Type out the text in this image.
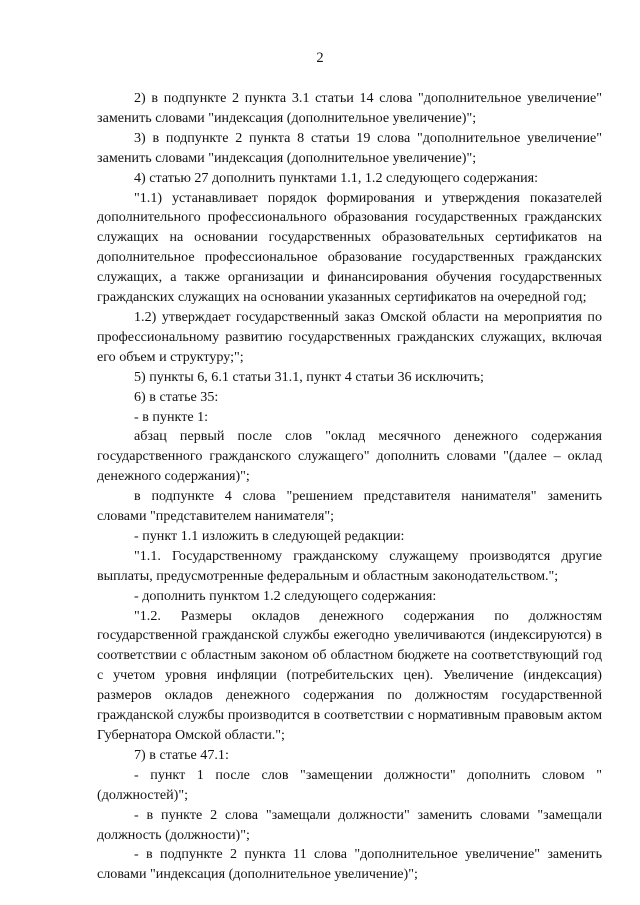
2

2) в подпункте 2 пункта 3.1 статьи 14 слова "дополнительное увеличение" заменить словами "индексация (дополнительное увеличение)";

3) в подпункте 2 пункта 8 статьи 19 слова "дополнительное увеличение" заменить словами "индексация (дополнительное увеличение)";

4) статью 27 дополнить пунктами 1.1, 1.2 следующего содержания:

"1.1) устанавливает порядок формирования и утверждения показателей дополнительного профессионального образования государственных гражданских служащих на основании государственных образовательных сертификатов на дополнительное профессиональное образование государственных гражданских служащих, а также организации и финансирования обучения государственных гражданских служащих на основании указанных сертификатов на очередной год;

1.2) утверждает государственный заказ Омской области на мероприятия по профессиональному развитию государственных гражданских служащих, включая его объем и структуру;";

5) пункты 6, 6.1 статьи 31.1, пункт 4 статьи 36 исключить;

6) в статье 35:

- в пункте 1:

абзац первый после слов "оклад месячного денежного содержания государственного гражданского служащего" дополнить словами "(далее – оклад денежного содержания)";

в подпункте 4 слова "решением представителя нанимателя" заменить словами "представителем нанимателя";

- пункт 1.1 изложить в следующей редакции:

"1.1. Государственному гражданскому служащему производятся другие выплаты, предусмотренные федеральным и областным законодательством.";

- дополнить пунктом 1.2 следующего содержания:

"1.2. Размеры окладов денежного содержания по должностям государственной гражданской службы ежегодно увеличиваются (индексируются) в соответствии с областным законом об областном бюджете на соответствующий год с учетом уровня инфляции (потребительских цен). Увеличение (индексация) размеров окладов денежного содержания по должностям государственной гражданской службы производится в соответствии с нормативным правовым актом Губернатора Омской области.";

7) в статье 47.1:

- пункт 1 после слов "замещении должности" дополнить словом "(должностей)";

- в пункте 2 слова "замещали должности" заменить словами "замещали должность (должности)";

- в подпункте 2 пункта 11 слова "дополнительное увеличение" заменить словами "индексация (дополнительное увеличение)";
